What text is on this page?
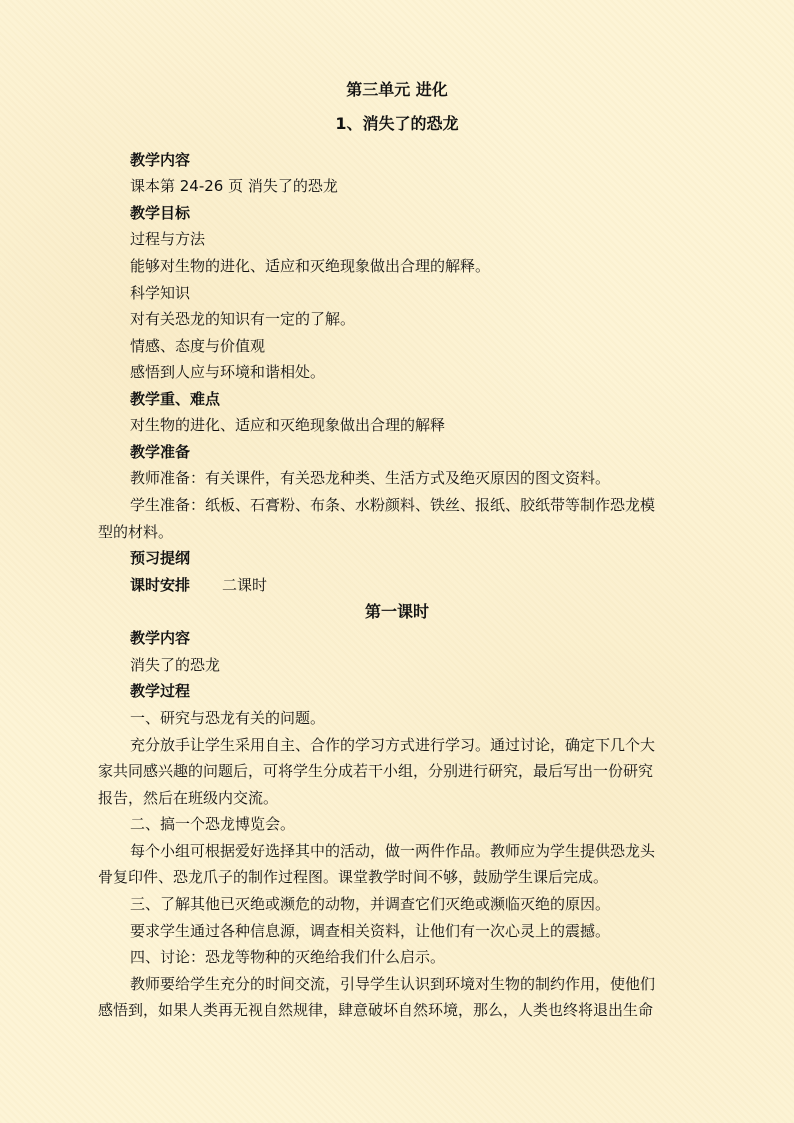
第三单元 进化
1、消失了的恐龙
教学内容
课本第 24-26 页 消失了的恐龙
教学目标
过程与方法
能够对生物的进化、适应和灭绝现象做出合理的解释。
科学知识
对有关恐龙的知识有一定的了解。
情感、态度与价值观
感悟到人应与环境和谐相处。
教学重、难点
对生物的进化、适应和灭绝现象做出合理的解释
教学准备
教师准备：有关课件，有关恐龙种类、生活方式及绝灭原因的图文资料。
学生准备：纸板、石膏粉、布条、水粉颜料、铁丝、报纸、胶纸带等制作恐龙模
型的材料。
预习提纲
课时安排 二课时
第一课时
教学内容
消失了的恐龙
教学过程
一、研究与恐龙有关的问题。
充分放手让学生采用自主、合作的学习方式进行学习。通过讨论，确定下几个大
家共同感兴趣的问题后，可将学生分成若干小组，分别进行研究，最后写出一份研究
报告，然后在班级内交流。
二、搞一个恐龙博览会。
每个小组可根据爱好选择其中的活动，做一两件作品。教师应为学生提供恐龙头
骨复印件、恐龙爪子的制作过程图。课堂教学时间不够，鼓励学生课后完成。
三、了解其他已灭绝或濒危的动物，并调查它们灭绝或濒临灭绝的原因。
要求学生通过各种信息源，调查相关资料，让他们有一次心灵上的震撼。
四、讨论：恐龙等物种的灭绝给我们什么启示。
教师要给学生充分的时间交流，引导学生认识到环境对生物的制约作用，使他们
感悟到，如果人类再无视自然规律，肆意破坏自然环境，那么，人类也终将退出生命
